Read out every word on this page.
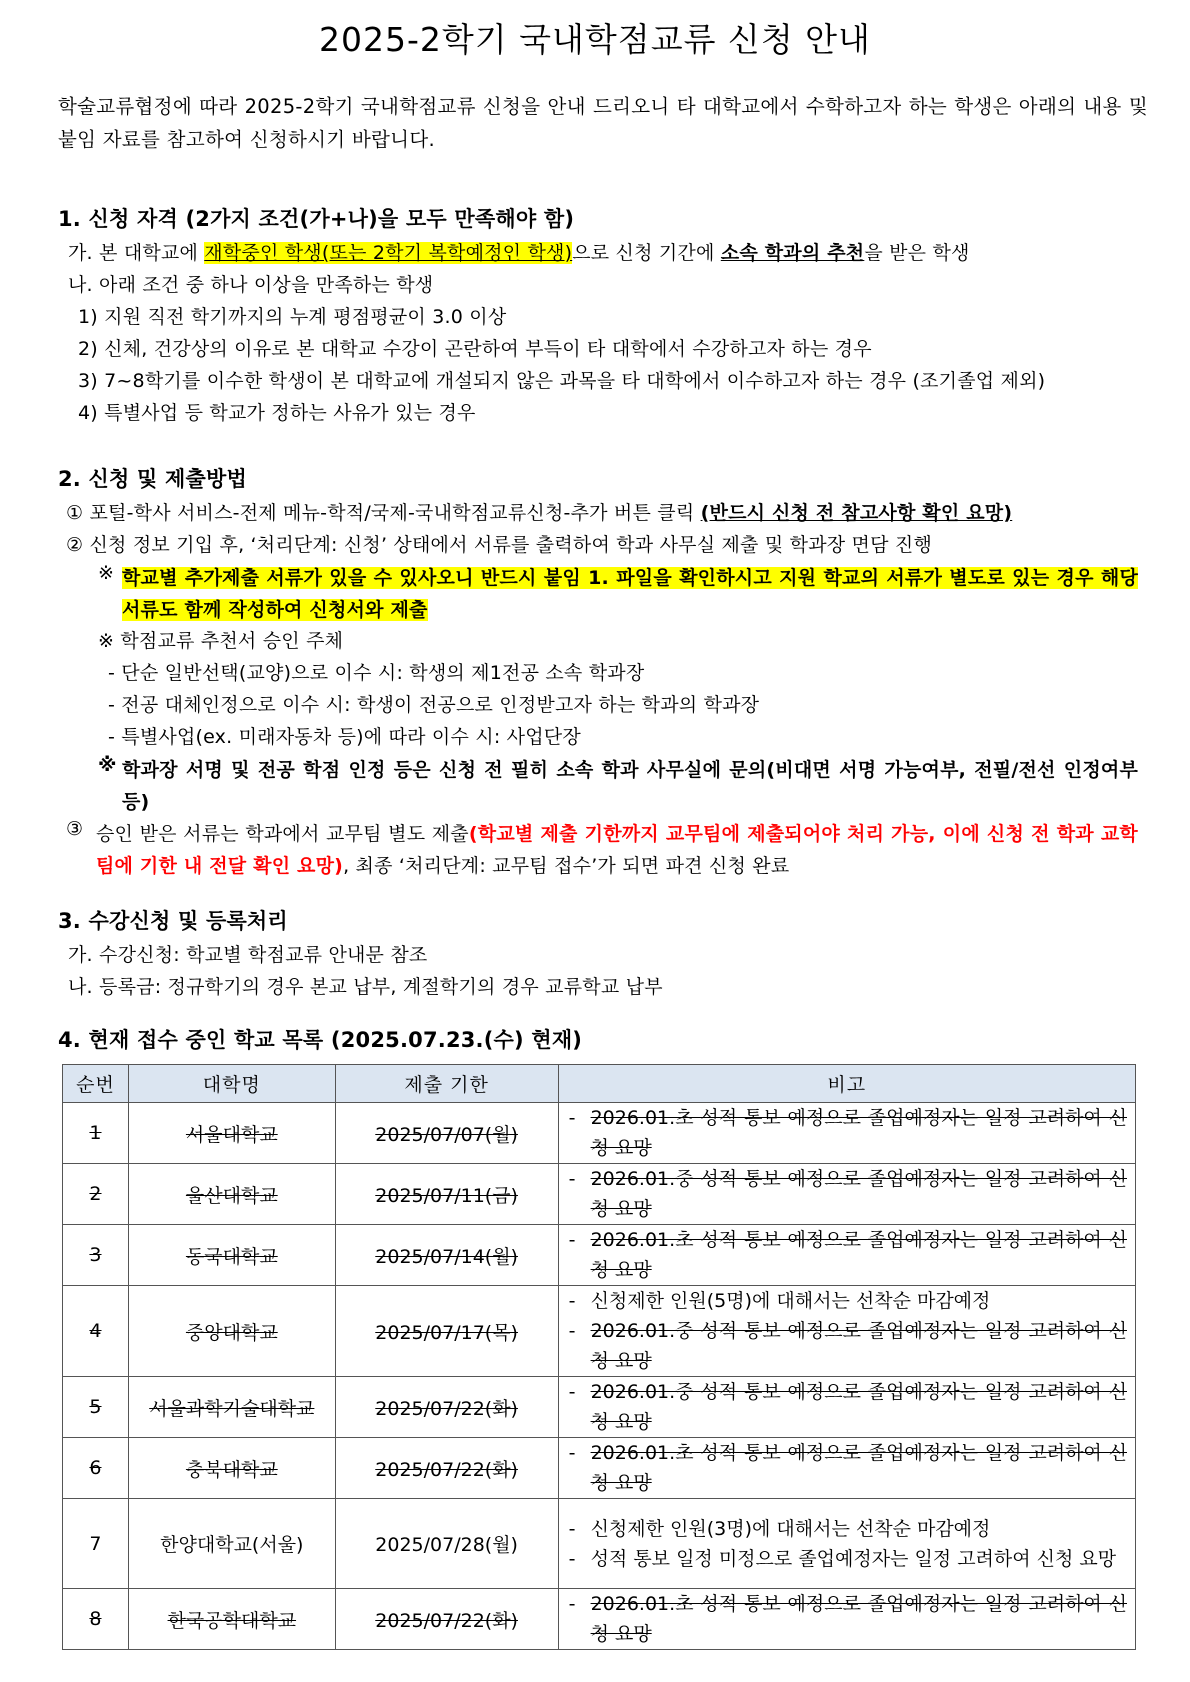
2025-2학기 국내학점교류 신청 안내
학술교류협정에 따라 2025-2학기 국내학점교류 신청을 안내 드리오니 타 대학교에서 수학하고자 하는 학생은 아래의 내용 및 붙임 자료를 참고하여 신청하시기 바랍니다.
1. 신청 자격 (2가지 조건(가+나)을 모두 만족해야 함)
가. 본 대학교에 재학중인 학생(또는 2학기 복학예정인 학생)으로 신청 기간에 소속 학과의 추천을 받은 학생
나. 아래 조건 중 하나 이상을 만족하는 학생
1) 지원 직전 학기까지의 누계 평점평균이 3.0 이상
2) 신체, 건강상의 이유로 본 대학교 수강이 곤란하여 부득이 타 대학에서 수강하고자 하는 경우
3) 7~8학기를 이수한 학생이 본 대학교에 개설되지 않은 과목을 타 대학에서 이수하고자 하는 경우 (조기졸업 제외)
4) 특별사업 등 학교가 정하는 사유가 있는 경우
2. 신청 및 제출방법
① 포털-학사 서비스-전제 메뉴-학적/국제-국내학점교류신청-추가 버튼 클릭 (반드시 신청 전 참고사항 확인 요망)
② 신청 정보 기입 후, ‘처리단계: 신청’ 상태에서 서류를 출력하여 학과 사무실 제출 및 학과장 면담 진행
※ 학교별 추가제출 서류가 있을 수 있사오니 반드시 붙임 1. 파일을 확인하시고 지원 학교의 서류가 별도로 있는 경우 해당 서류도 함께 작성하여 신청서와 제출
※ 학점교류 추천서 승인 주체
- 단순 일반선택(교양)으로 이수 시: 학생의 제1전공 소속 학과장
- 전공 대체인정으로 이수 시: 학생이 전공으로 인정받고자 하는 학과의 학과장
- 특별사업(ex. 미래자동차 등)에 따라 이수 시: 사업단장
※ 학과장 서명 및 전공 학점 인정 등은 신청 전 필히 소속 학과 사무실에 문의(비대면 서명 가능여부, 전필/전선 인정여부 등)
③ 승인 받은 서류는 학과에서 교무팀 별도 제출(학교별 제출 기한까지 교무팀에 제출되어야 처리 가능, 이에 신청 전 학과 교학팀에 기한 내 전달 확인 요망), 최종 ‘처리단계: 교무팀 접수’가 되면 파견 신청 완료
3. 수강신청 및 등록처리
가. 수강신청: 학교별 학점교류 안내문 참조
나. 등록금: 정규학기의 경우 본교 납부, 계절학기의 경우 교류학교 납부
4. 현재 접수 중인 학교 목록 (2025.07.23.(수) 현재)
순번	대학명	제출 기한	비고
1	서울대학교	2025/07/07(월)	- 2026.01.초 성적 통보 예정으로 졸업예정자는 일정 고려하여 신청 요망

2	울산대학교	2025/07/11(금)	- 2026.01.중 성적 통보 예정으로 졸업예정자는 일정 고려하여 신청 요망

3	동국대학교	2025/07/14(월)	- 2026.01.초 성적 통보 예정으로 졸업예정자는 일정 고려하여 신청 요망

4	중앙대학교	2025/07/17(목)	- 신청제한 인원(5명)에 대해서는 선착순 마감예정
- 2026.01.중 성적 통보 예정으로 졸업예정자는 일정 고려하여 신청 요망

5	서울과학기술대학교	2025/07/22(화)	- 2026.01.중 성적 통보 예정으로 졸업예정자는 일정 고려하여 신청 요망

6	충북대학교	2025/07/22(화)	- 2026.01.초 성적 통보 예정으로 졸업예정자는 일정 고려하여 신청 요망

7	한양대학교(서울)	2025/07/28(월)	- 신청제한 인원(3명)에 대해서는 선착순 마감예정
- 성적 통보 일정 미정으로 졸업예정자는 일정 고려하여 신청 요망

8	한국공학대학교	2025/07/22(화)	- 2026.01.초 성적 통보 예정으로 졸업예정자는 일정 고려하여 신청 요망
